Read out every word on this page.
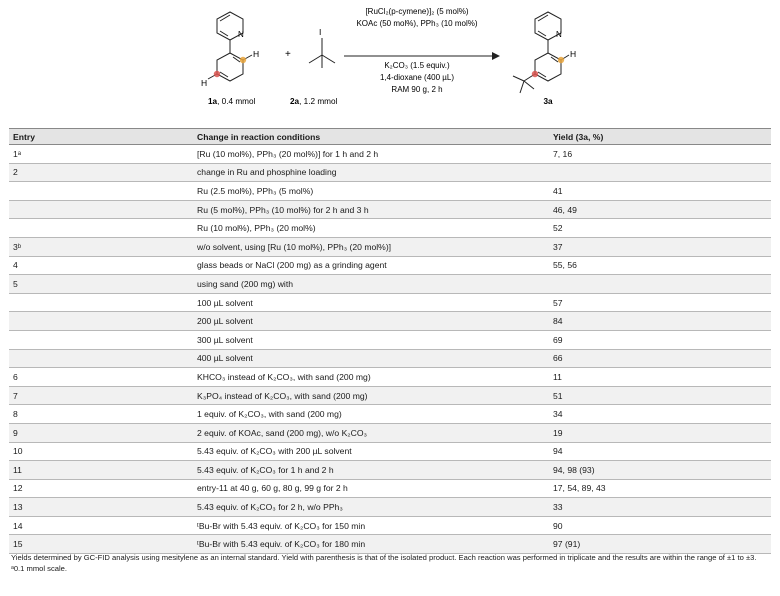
N
H
H
I
+
N
H
[RuCl₂(p-cymene)]₂ (5 mol%)
KOAc (50 mol%), PPh₃ (10 mol%)
K₂CO₃ (1.5 equiv.)
1,4-dioxane (400 µL)
RAM 90 g, 2 h
1a, 0.4 mmol	2a, 1.2 mmol	3a
Entry	Change in reaction conditions	Yield (3a, %)
1ᵃ	[Ru (10 mol%), PPh₃ (20 mol%)] for 1 h and 2 h	7, 16
2	change in Ru and phosphine loading	
	Ru (2.5 mol%), PPh₃ (5 mol%)	41
	Ru (5 mol%), PPh₃ (10 mol%) for 2 h and 3 h	46, 49
	Ru (10 mol%), PPh₃ (20 mol%)	52
3ᵇ	w/o solvent, using [Ru (10 mol%), PPh₃ (20 mol%)]	37
4	glass beads or NaCl (200 mg) as a grinding agent	55, 56
5	using sand (200 mg) with	
	100 µL solvent	57
	200 µL solvent	84
	300 µL solvent	69
	400 µL solvent	66
6	KHCO₃ instead of K₂CO₃, with sand (200 mg)	11
7	K₃PO₄ instead of K₂CO₃, with sand (200 mg)	51
8	1 equiv. of K₂CO₃, with sand (200 mg)	34
9	2 equiv. of KOAc, sand (200 mg), w/o K₂CO₃	19
10	5.43 equiv. of K₂CO₃ with 200 µL solvent	94
11	5.43 equiv. of K₂CO₃ for 1 h and 2 h	94, 98 (93)
12	entry-11 at 40 g, 60 g, 80 g, 99 g for 2 h	17, 54, 89, 43
13	5.43 equiv. of K₂CO₃ for 2 h, w/o PPh₃	33
14	ᵗBu-Br with 5.43 equiv. of K₂CO₃ for 150 min	90
15	ᵗBu-Br with 5.43 equiv. of K₂CO₃ for 180 min	97 (91)

Yields determined by GC-FID analysis using mesitylene as an internal standard. Yield with parenthesis is that of the isolated product. Each reaction was performed in triplicate and the results are within the range of ±1 to ±3.

ᵃ0.1 mmol scale.
